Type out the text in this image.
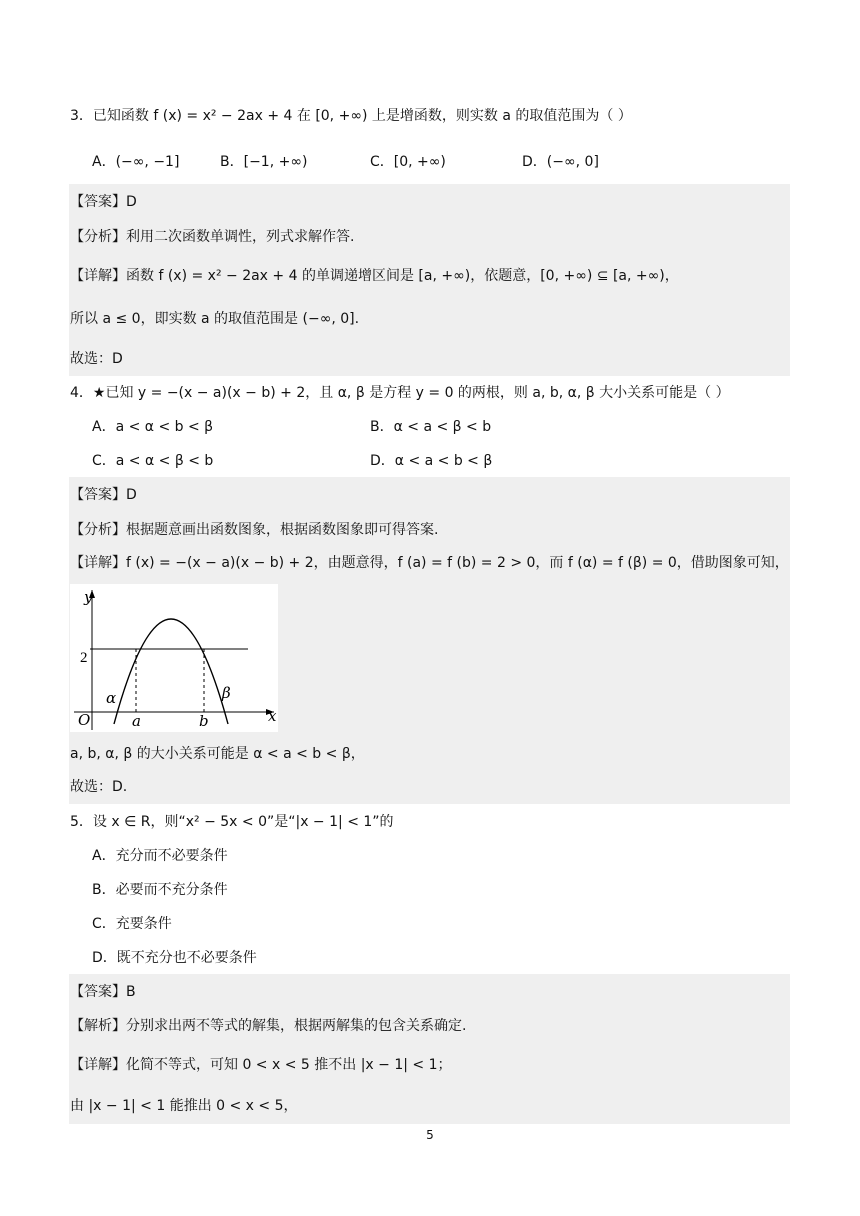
3．已知函数 f (x) = x² − 2ax + 4 在 [0, +∞) 上是增函数，则实数 a 的取值范围为（ ）
A．(−∞, −1]	B．[−1, +∞)	C．[0, +∞)	D．(−∞, 0]
【答案】D
【分析】利用二次函数单调性，列式求解作答.
【详解】函数 f (x) = x² − 2ax + 4 的单调递增区间是 [a, +∞)，依题意，[0, +∞) ⊆ [a, +∞)，
所以 a ≤ 0，即实数 a 的取值范围是 (−∞, 0].
故选：D
4．★已知 y = −(x − a)(x − b) + 2，且 α, β 是方程 y = 0 的两根，则 a, b, α, β 大小关系可能是（ ）
A．a < α < b < β	B．α < a < β < b
C．a < α < β < b	D．α < a < b < β
【答案】D
【分析】根据题意画出函数图象，根据函数图象即可得答案.
【详解】f (x) = −(x − a)(x − b) + 2，由题意得，f (a) = f (b) = 2 > 0，而 f (α) = f (β) = 0，借助图象可知，
y
x
O
2
α	β
a	b
a, b, α, β 的大小关系可能是 α < a < b < β，
故选：D.
5．设 x ∈ R，则“x² − 5x < 0”是“|x − 1| < 1”的
A．充分而不必要条件
B．必要而不充分条件
C．充要条件
D．既不充分也不必要条件
【答案】B
【解析】分别求出两不等式的解集，根据两解集的包含关系确定.
【详解】化简不等式，可知 0 < x < 5 推不出 |x − 1| < 1；
由 |x − 1| < 1 能推出 0 < x < 5，
5
